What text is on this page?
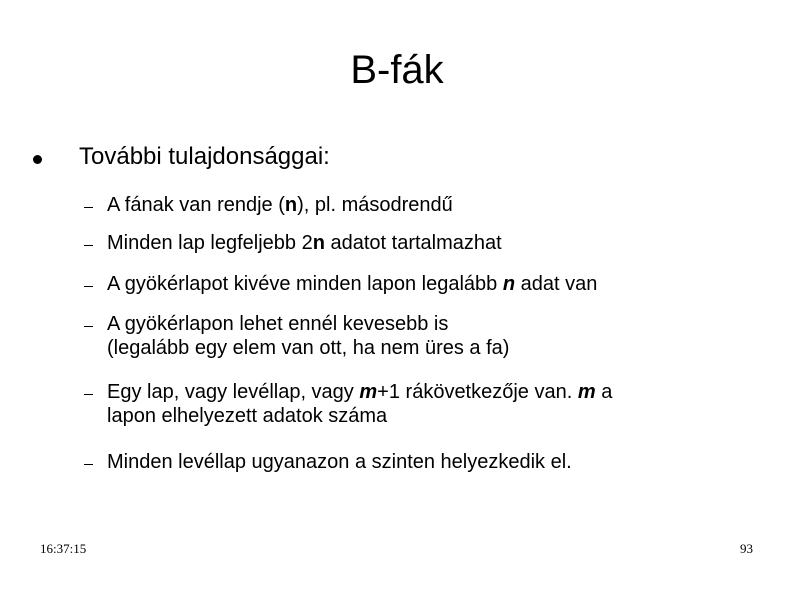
B-fák
További tulajdonsággai:
A fának van rendje (n), pl. másodrendű
Minden lap legfeljebb 2n adatot tartalmazhat
A gyökérlapot kivéve minden lapon legalább n adat van
A gyökérlapon lehet ennél kevesebb is
(legalább egy elem van ott, ha nem üres a fa)
Egy lap, vagy levéllap, vagy m+1 rákövetkezője van. m a
lapon elhelyezett adatok száma
Minden levéllap ugyanazon a szinten helyezkedik el.
16:37:15	93
